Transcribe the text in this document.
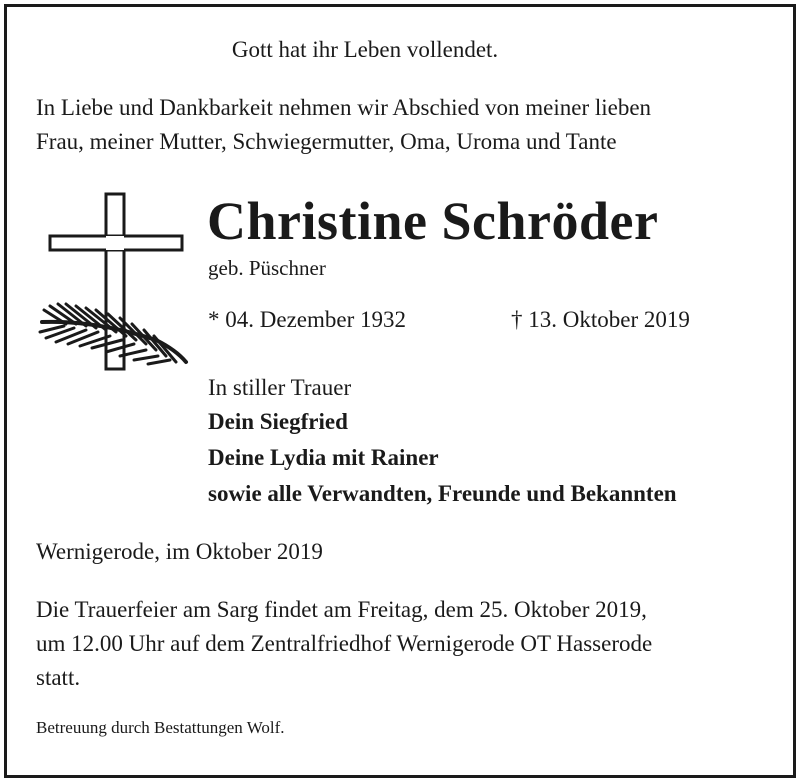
Gott hat ihr Leben vollendet.
In Liebe und Dankbarkeit nehmen wir Abschied von meiner lieben
Frau, meiner Mutter, Schwiegermutter, Oma, Uroma und Tante
Christine Schröder
geb. Püschner
* 04. Dezember 1932	† 13. Oktober 2019
In stiller Trauer
Dein Siegfried
Deine Lydia mit Rainer
sowie alle Verwandten, Freunde und Bekannten
Wernigerode, im Oktober 2019
Die Trauerfeier am Sarg findet am Freitag, dem 25. Oktober 2019,
um 12.00 Uhr auf dem Zentralfriedhof Wernigerode OT Hasserode
statt.
Betreuung durch Bestattungen Wolf.
